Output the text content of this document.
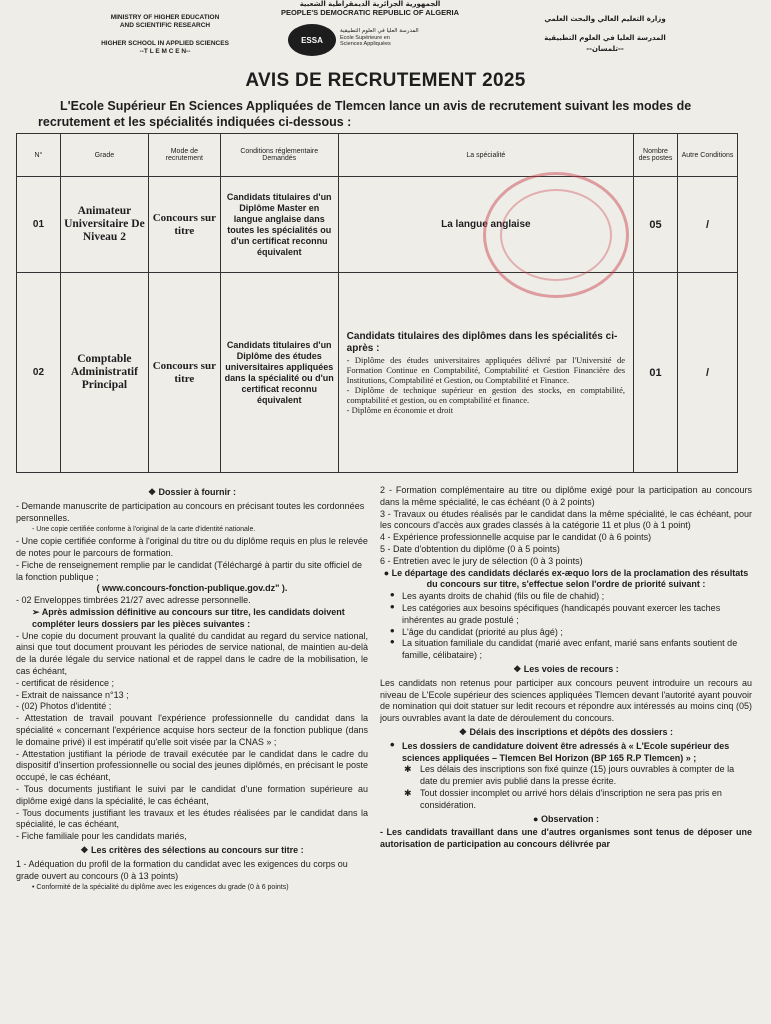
MINISTRY OF HIGHER EDUCATION
AND SCIENTIFIC RESEARCH
HIGHER SCHOOL IN APPLIED SCIENCES
--T L E M C E N--
الجمهورية الجزائرية الديمقراطية الشعبية
PEOPLE'S DEMOCRATIC REPUBLIC OF ALGERIA
ESSA
المدرسة العليا في العلوم التطبيقية
Ecole Supérieure en
Sciences Appliquées
وزارة التعليم العالي والبحث العلمي
المدرسة العليا في العلوم التطبيقية
--تلمسان--
AVIS DE RECRUTEMENT 2025
L'Ecole Supérieur En Sciences Appliquées de Tlemcen lance un avis de recrutement suivant les modes de recrutement et les spécialités indiquées ci-dessous :
N°	Grade	Mode de recrutement	Conditions réglementaire Demandés	La spécialité	Nombre des postes	Autre Conditions
01	Animateur Universitaire De Niveau 2	Concours sur titre	Candidats titulaires d'un Diplôme Master en langue anglaise dans toutes les spécialités ou d'un certificat reconnu équivalent	La langue anglaise	05	/
02	Comptable Administratif Principal	Concours sur titre	Candidats titulaires d'un Diplôme des études universitaires appliquées dans la spécialité ou d'un certificat reconnu équivalent	Candidats titulaires des diplômes dans les spécialités ci-après :
- Diplôme des études universitaires appliquées délivré par l'Université de Formation Continue en Comptabilité, Comptabilité et Gestion Financière des Institutions, Comptabilité et Gestion, ou Comptabilité et Finance.
- Diplôme de technique supérieur en gestion des stocks, en comptabilité, comptabilité et gestion, ou en comptabilité et finance.
- Diplôme en économie et droit	01	/

❖ Dossier à fournir :

- Demande manuscrite de participation au concours en précisant toutes les cordonnées personnelles.

- Une copie certifiée conforme à l'original de la carte d'identité nationale.

- Une copie certifiée conforme à l'original du titre ou du diplôme requis en plus le relevée de notes pour le parcours de formation.

- Fiche de renseignement remplie par le candidat (Téléchargé à partir du site officiel de la fonction publique ;

( www.concours-fonction-publique.gov.dz" ).

- 02 Enveloppes timbrées 21/27 avec adresse personnelle.

➢ Après admission définitive au concours sur titre, les candidats doivent compléter leurs dossiers par les pièces suivantes :

- Une copie du document prouvant la qualité du candidat au regard du service national, ainsi que tout document prouvant les périodes de service national, de maintien au-delà de la durée légale du service national et de rappel dans le cadre de la mobilisation, le cas échéant,

- certificat de résidence ;

- Extrait de naissance n°13 ;

- (02) Photos d'identité ;

- Attestation de travail pouvant l'expérience professionnelle du candidat dans la spécialité « concernant l'expérience acquise hors secteur de la fonction publique (dans le domaine privé) il est impératif qu'elle soit visée par la CNAS » ;

- Attestation justifiant la période de travail exécutée par le candidat dans le cadre du dispositif d'insertion professionnelle ou social des jeunes diplômés, en précisant le poste occupé, le cas échéant,

- Tous documents justifiant le suivi par le candidat d'une formation supérieure au diplôme exigé dans la spécialité, le cas échéant,

- Tous documents justifiant les travaux et les études réalisées par le candidat dans la spécialité, le cas échéant,

- Fiche familiale pour les candidats mariés,

❖ Les critères des sélections au concours sur titre :

1 - Adéquation du profil de la formation du candidat avec les exigences du corps ou grade ouvert au concours (0 à 13 points)

• Conformité de la spécialité du diplôme avec les exigences du grade (0 à 6 points)

2 - Formation complémentaire au titre ou diplôme exigé pour la participation au concours dans la même spécialité, le cas échéant (0 à 2 points)

3 - Travaux ou études réalisés par le candidat dans la même spécialité, le cas échéant, pour les concours d'accès aux grades classés à la catégorie 11 et plus (0 à 1 point)

4 - Expérience professionnelle acquise par le candidat (0 à 6 points)

5 - Date d'obtention du diplôme (0 à 5 points)

6 - Entretien avec le jury de sélection (0 à 3 points)

● Le départage des candidats déclarés ex-æquo lors de la proclamation des résultats du concours sur titre, s'effectue selon l'ordre de priorité suivant :

• Les ayants droits de chahid (fils ou file de chahid) ;

• Les catégories aux besoins spécifiques (handicapés pouvant exercer les taches inhérentes au grade postulé ;

• L'âge du candidat (priorité au plus âgé) ;

• La situation familiale du candidat (marié avec enfant, marié sans enfants soutient de famille, célibataire) ;

❖ Les voies de recours :

Les candidats non retenus pour participer aux concours peuvent introduire un recours au niveau de L'Ecole supérieur des sciences appliquées Tlemcen devant l'autorité ayant pouvoir de nomination qui doit statuer sur ledit recours et répondre aux intéressés au moins cinq (05) jours ouvrables avant la date de déroulement du concours.

❖ Délais des inscriptions et dépôts des dossiers :

• Les dossiers de candidature doivent être adressés à « L'Ecole supérieur des sciences appliquées – Tlemcen Bel Horizon (BP 165 R.P Tlemcen) » ;

✱ Les délais des inscriptions son fixé quinze (15) jours ouvrables à compter de la date du premier avis publié dans la presse écrite.

✱ Tout dossier incomplet ou arrivé hors délais d'inscription ne sera pas pris en considération.

● Observation :

- Les candidats travaillant dans une d'autres organismes sont tenus de déposer une autorisation de participation au concours délivrée par
